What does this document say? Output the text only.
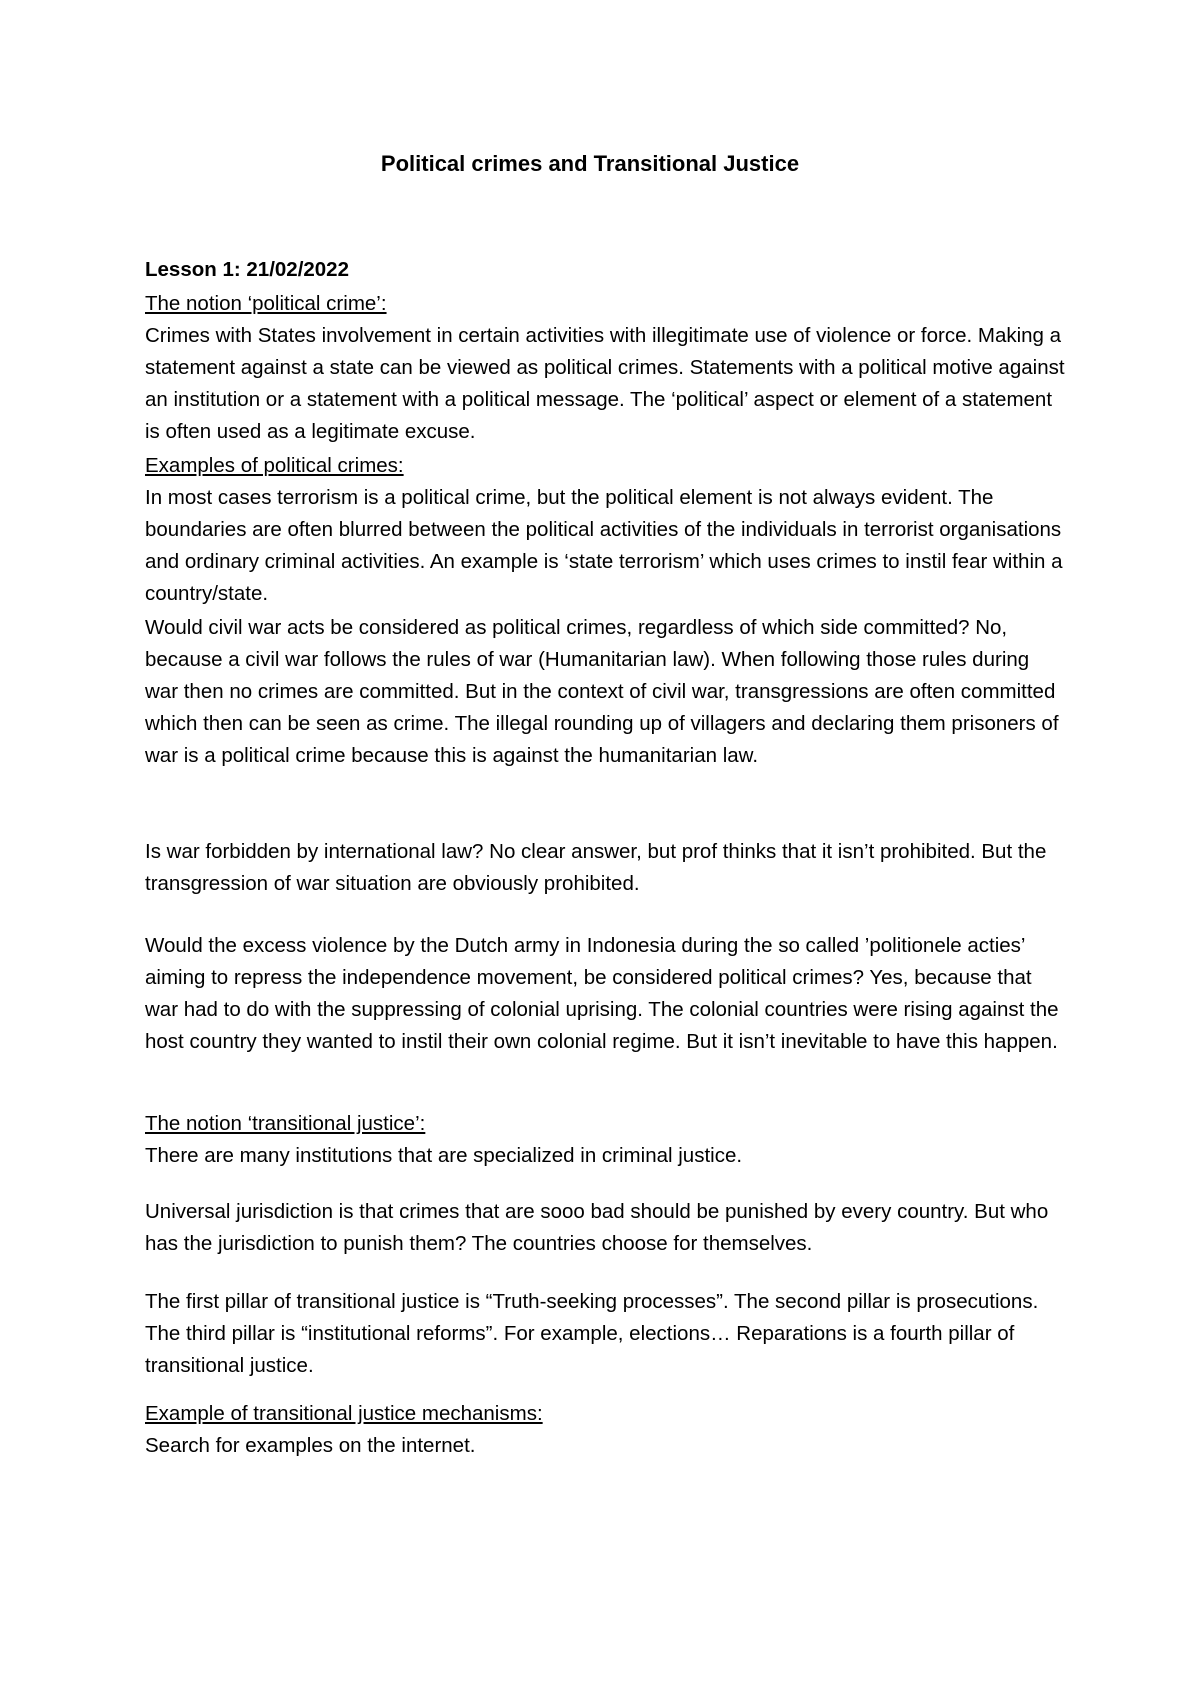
Political crimes and Transitional Justice
Lesson 1: 21/02/2022
The notion ‘political crime’:

Crimes with States involvement in certain activities with illegitimate use of violence or force. Making a statement against a state can be viewed as political crimes. Statements with a political motive against an institution or a statement with a political message. The ‘political’ aspect or element of a statement is often used as a legitimate excuse.

Examples of political crimes:

In most cases terrorism is a political crime, but the political element is not always evident. The boundaries are often blurred between the political activities of the individuals in terrorist organisations and ordinary criminal activities. An example is ‘state terrorism’ which uses crimes to instil fear within a country/state.

Would civil war acts be considered as political crimes, regardless of which side committed? No, because a civil war follows the rules of war (Humanitarian law). When following those rules during war then no crimes are committed. But in the context of civil war, transgressions are often committed which then can be seen as crime. The illegal rounding up of villagers and declaring them prisoners of war is a political crime because this is against the humanitarian law.

Is war forbidden by international law? No clear answer, but prof thinks that it isn’t prohibited. But the transgression of war situation are obviously prohibited.

Would the excess violence by the Dutch army in Indonesia during the so called ’politionele acties’ aiming to repress the independence movement, be considered political crimes? Yes, because that war had to do with the suppressing of colonial uprising. The colonial countries were rising against the host country they wanted to instil their own colonial regime. But it isn’t inevitable to have this happen.

The notion ‘transitional justice’:

There are many institutions that are specialized in criminal justice.

Universal jurisdiction is that crimes that are sooo bad should be punished by every country. But who has the jurisdiction to punish them? The countries choose for themselves.

The first pillar of transitional justice is “Truth-seeking processes”. The second pillar is prosecutions. The third pillar is “institutional reforms”. For example, elections… Reparations is a fourth pillar of transitional justice.

Example of transitional justice mechanisms:

Search for examples on the internet.
